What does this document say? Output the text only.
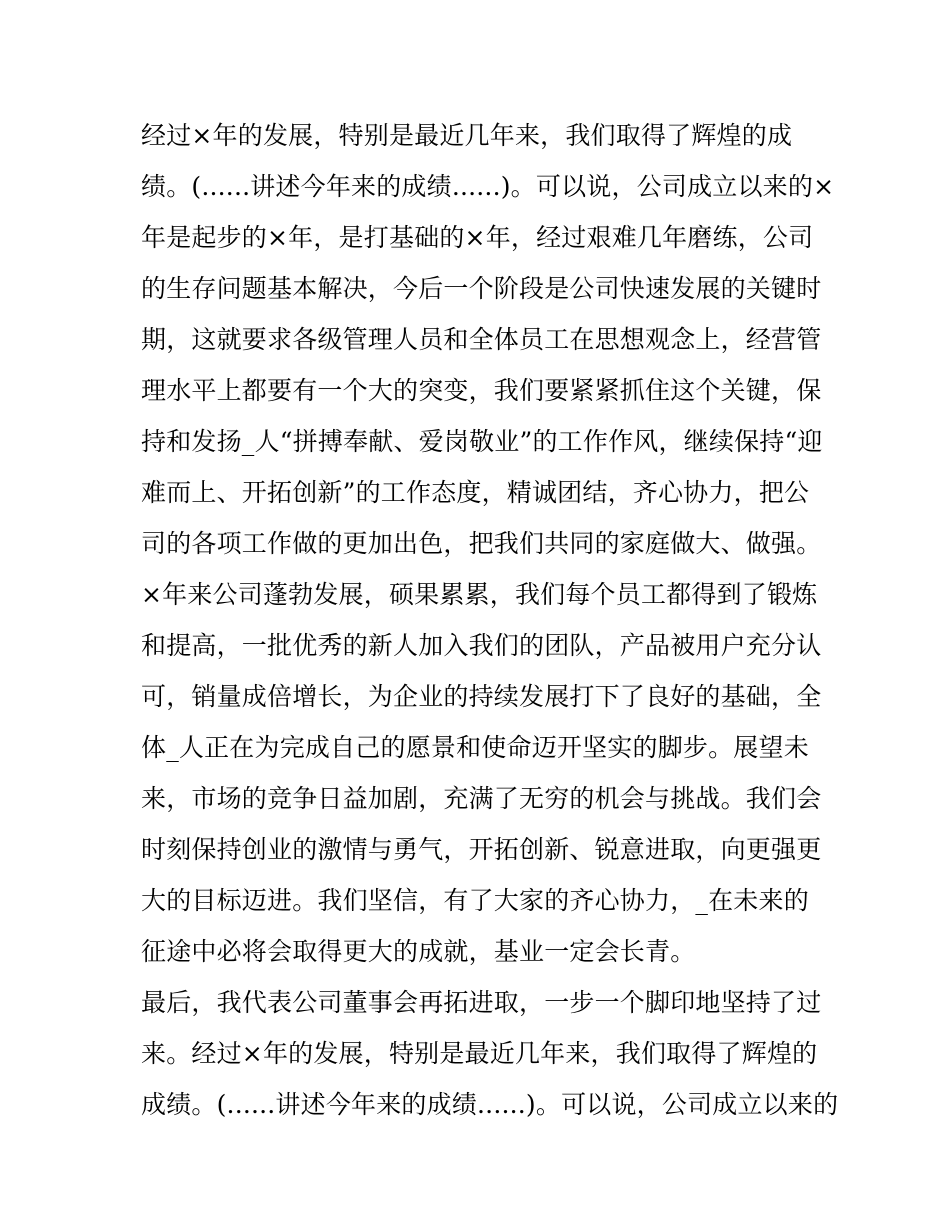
经过×年的发展，特别是最近几年来，我们取得了辉煌的成
绩。(......讲述今年来的成绩......)。可以说，公司成立以来的×
年是起步的×年，是打基础的×年，经过艰难几年磨练，公司
的生存问题基本解决，今后一个阶段是公司快速发展的关键时
期，这就要求各级管理人员和全体员工在思想观念上，经营管
理水平上都要有一个大的突变，我们要紧紧抓住这个关键，保
持和发扬_人“拼搏奉献、爱岗敬业”的工作作风，继续保持“迎
难而上、开拓创新”的工作态度，精诚团结，齐心协力，把公
司的各项工作做的更加出色，把我们共同的家庭做大、做强。
×年来公司蓬勃发展，硕果累累，我们每个员工都得到了锻炼
和提高，一批优秀的新人加入我们的团队，产品被用户充分认
可，销量成倍增长，为企业的持续发展打下了良好的基础，全
体_人正在为完成自己的愿景和使命迈开坚实的脚步。展望未
来，市场的竞争日益加剧，充满了无穷的机会与挑战。我们会
时刻保持创业的激情与勇气，开拓创新、锐意进取，向更强更
大的目标迈进。我们坚信，有了大家的齐心协力，_在未来的
征途中必将会取得更大的成就，基业一定会长青。
最后，我代表公司董事会再拓进取，一步一个脚印地坚持了过
来。经过×年的发展，特别是最近几年来，我们取得了辉煌的
成绩。(......讲述今年来的成绩......)。可以说，公司成立以来的
